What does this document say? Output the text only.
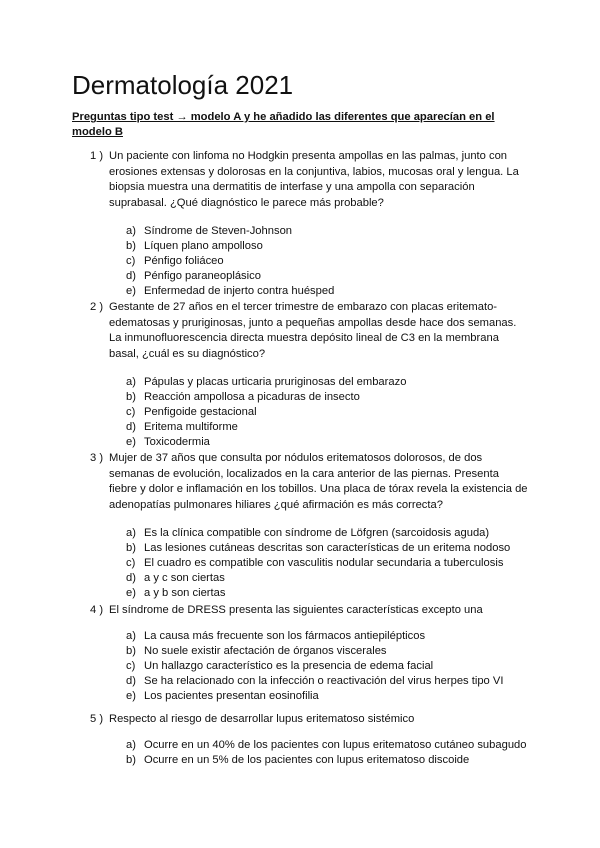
Dermatología 2021

Preguntas tipo test → modelo A y he añadido las diferentes que aparecían en el modelo B

1 ) Un paciente con linfoma no Hodgkin presenta ampollas en las palmas, junto con erosiones extensas y dolorosas en la conjuntiva, labios, mucosas oral y lengua. La biopsia muestra una dermatitis de interfase y una ampolla con separación suprabasal. ¿Qué diagnóstico le parece más probable?
a) Síndrome de Steven-Johnson
b) Líquen plano ampolloso
c) Pénfigo foliáceo
d) Pénfigo paraneoplásico
e) Enfermedad de injerto contra huésped
2 ) Gestante de 27 años en el tercer trimestre de embarazo con placas eritemato-edematosas y pruriginosas, junto a pequeñas ampollas desde hace dos semanas. La inmunofluorescencia directa muestra depósito lineal de C3 en la membrana basal, ¿cuál es su diagnóstico?
a) Pápulas y placas urticaria pruriginosas del embarazo
b) Reacción ampollosa a picaduras de insecto
c) Penfigoide gestacional
d) Eritema multiforme
e) Toxicodermia
3 ) Mujer de 37 años que consulta por nódulos eritematosos dolorosos, de dos semanas de evolución, localizados en la cara anterior de las piernas. Presenta fiebre y dolor e inflamación en los tobillos. Una placa de tórax revela la existencia de adenopatías pulmonares hiliares ¿qué afirmación es más correcta?
a) Es la clínica compatible con síndrome de Löfgren (sarcoidosis aguda)
b) Las lesiones cutáneas descritas son características de un eritema nodoso
c) El cuadro es compatible con vasculitis nodular secundaria a tuberculosis
d) a y c son ciertas
e) a y b son ciertas
4 ) El síndrome de DRESS presenta las siguientes características excepto una
a) La causa más frecuente son los fármacos antiepilépticos
b) No suele existir afectación de órganos viscerales
c) Un hallazgo característico es la presencia de edema facial
d) Se ha relacionado con la infección o reactivación del virus herpes tipo VI
e) Los pacientes presentan eosinofilia
5 ) Respecto al riesgo de desarrollar lupus eritematoso sistémico
a) Ocurre en un 40% de los pacientes con lupus eritematoso cutáneo subagudo
b) Ocurre en un 5% de los pacientes con lupus eritematoso discoide
